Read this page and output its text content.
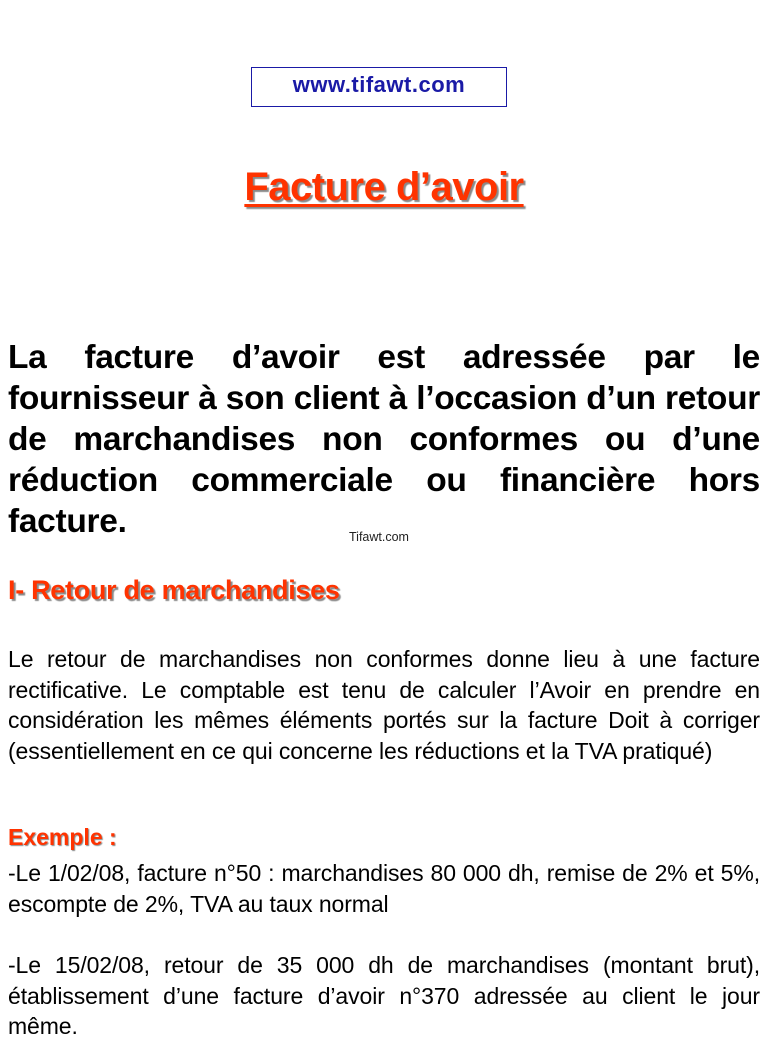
www.tifawt.com
Facture d’avoir

La facture d’avoir est adressée par le fournisseur à son client à l’occasion d’un retour de marchandises non conformes ou d’une réduction commerciale ou financière hors facture.	Tifawt.com
I- Retour de marchandises

Le retour de marchandises non conformes donne lieu à une facture rectificative. Le comptable est tenu de calculer l’Avoir en prendre en considération les mêmes éléments portés sur la facture Doit à corriger (essentiellement en ce qui concerne les réductions et la TVA pratiqué)

Exemple :

-Le 1/02/08, facture n°50 : marchandises 80 000 dh, remise de 2% et 5%, escompte de 2%, TVA au taux normal

-Le 15/02/08, retour de 35 000 dh de marchandises (montant brut), établissement d’une facture d’avoir n°370 adressée au client le jour même.
